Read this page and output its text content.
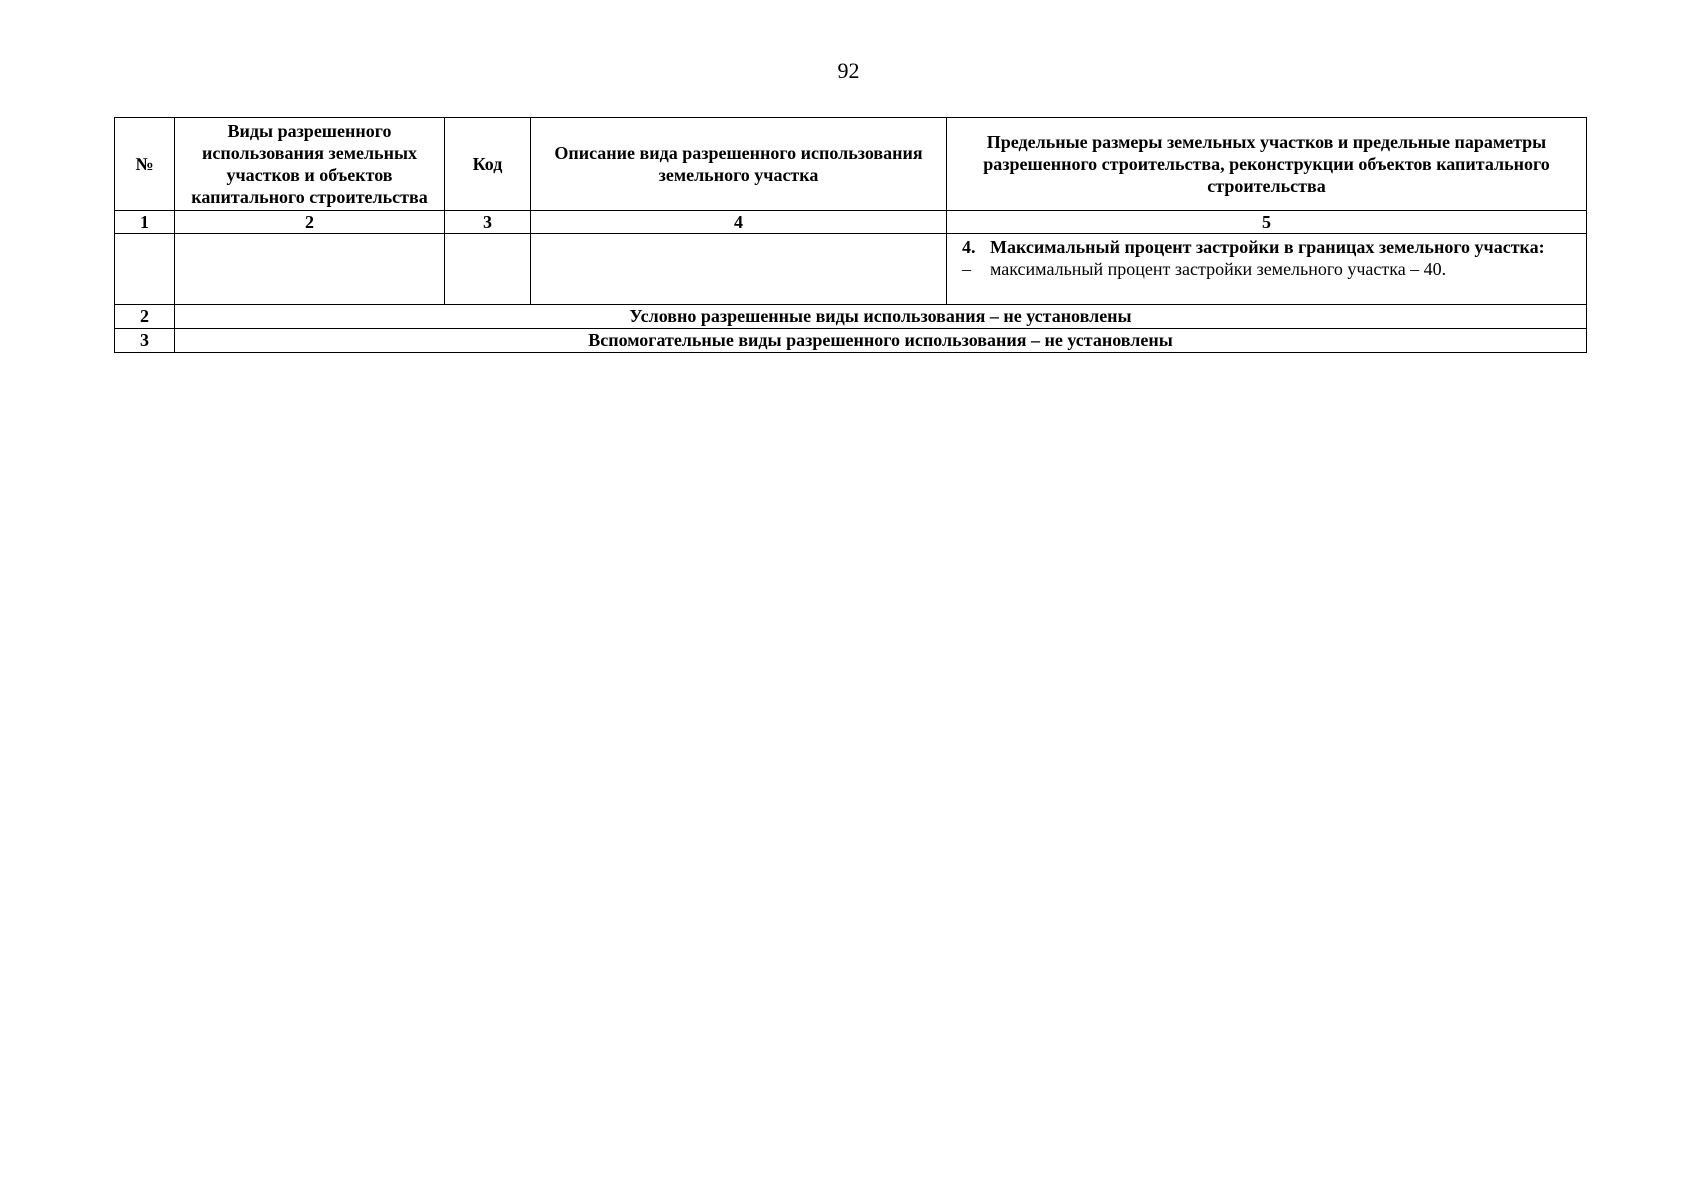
92
№	Виды разрешенного использования земельных участков и объектов капитального строительства	Код	Описание вида разрешенного использования земельного участка	Предельные размеры земельных участков и предельные параметры разрешенного строительства, реконструкции объектов капитального строительства
1	2	3	4	5

				4. Максимальный процент застройки в границах земельного участка:
– максимальный процент застройки земельного участка – 40.

2	Условно разрешенные виды использования – не установлены			
3	Вспомогательные виды разрешенного использования – не установлены			
